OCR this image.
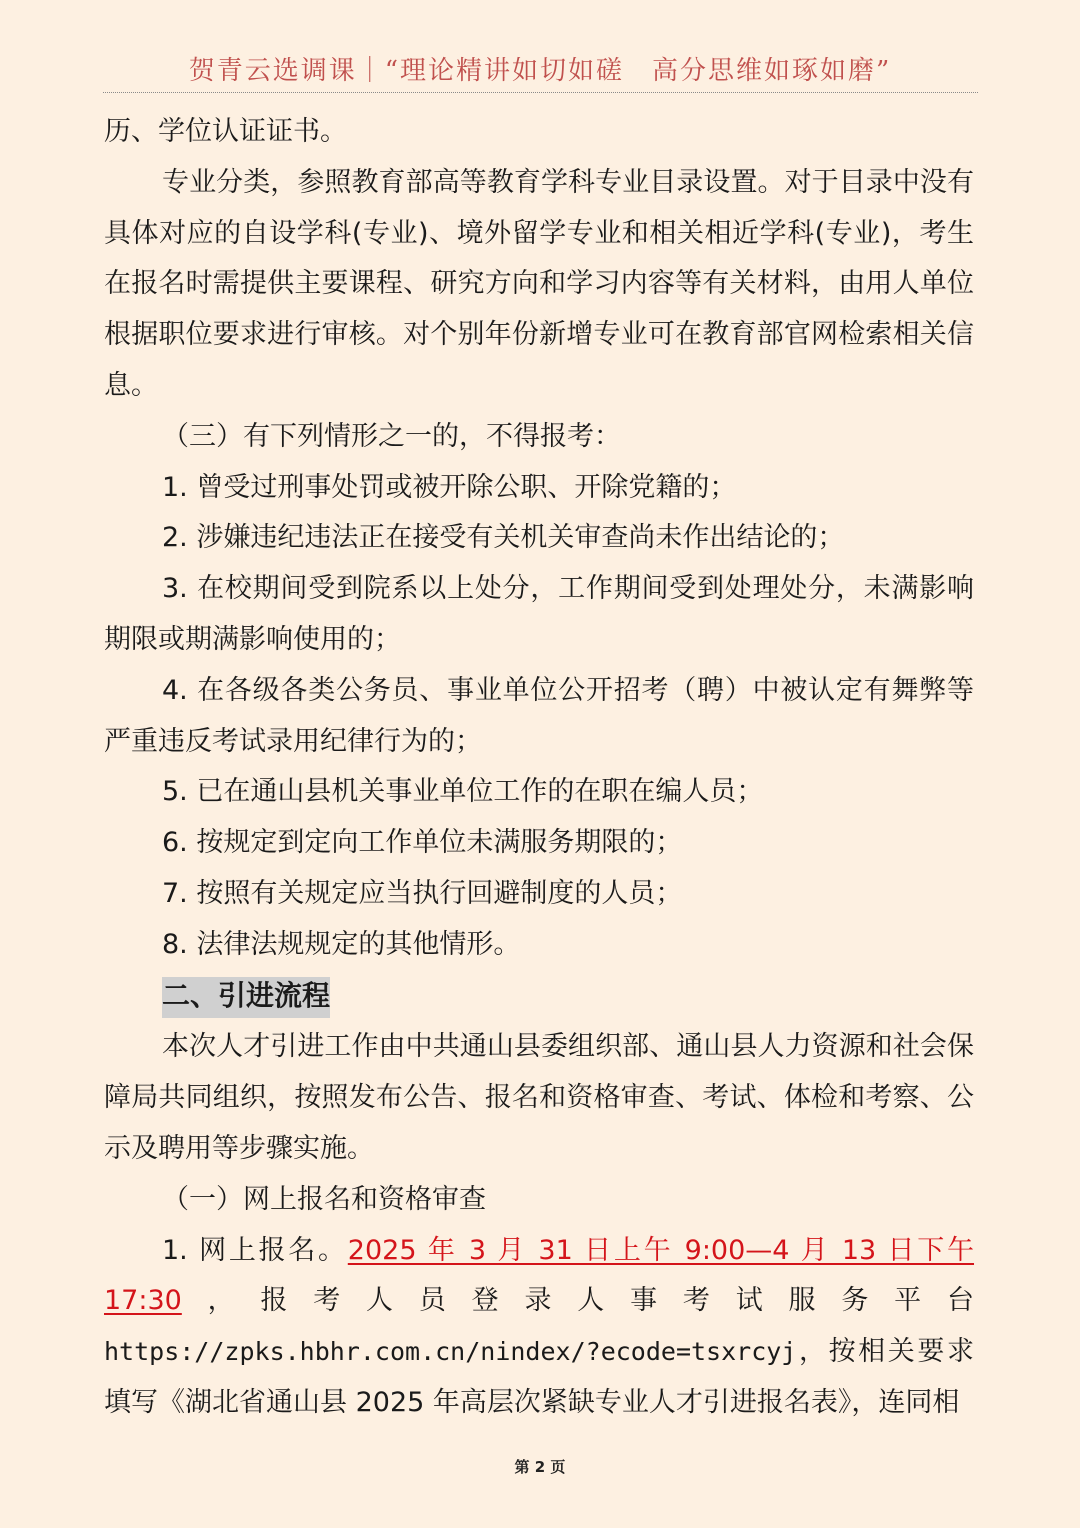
贺青云选调课｜“理论精讲如切如磋　高分思维如琢如磨”

历、学位认证证书。

专业分类，参照教育部高等教育学科专业目录设置。对于目录中没有具体对应的自设学科(专业)、境外留学专业和相关相近学科(专业)，考生在报名时需提供主要课程、研究方向和学习内容等有关材料，由用人单位根据职位要求进行审核。对个别年份新增专业可在教育部官网检索相关信息。

（三）有下列情形之一的，不得报考：

1. 曾受过刑事处罚或被开除公职、开除党籍的；

2. 涉嫌违纪违法正在接受有关机关审查尚未作出结论的；

3. 在校期间受到院系以上处分，工作期间受到处理处分，未满影响期限或期满影响使用的；

4. 在各级各类公务员、事业单位公开招考（聘）中被认定有舞弊等严重违反考试录用纪律行为的；

5. 已在通山县机关事业单位工作的在职在编人员；

6. 按规定到定向工作单位未满服务期限的；

7. 按照有关规定应当执行回避制度的人员；

8. 法律法规规定的其他情形。

二、引进流程

本次人才引进工作由中共通山县委组织部、通山县人力资源和社会保障局共同组织，按照发布公告、报名和资格审查、考试、体检和考察、公示及聘用等步骤实施。

（一）网上报名和资格审查

1. 网上报名。2025 年 3 月 31 日上午 9:00—4 月 13 日下午 17:30，报考人员登录人事考试服务平台https://zpks.hbhr.com.cn/nindex/?ecode=tsxrcyj，按相关要求填写《湖北省通山县 2025 年高层次紧缺专业人才引进报名表》，连同相

第 2 页
